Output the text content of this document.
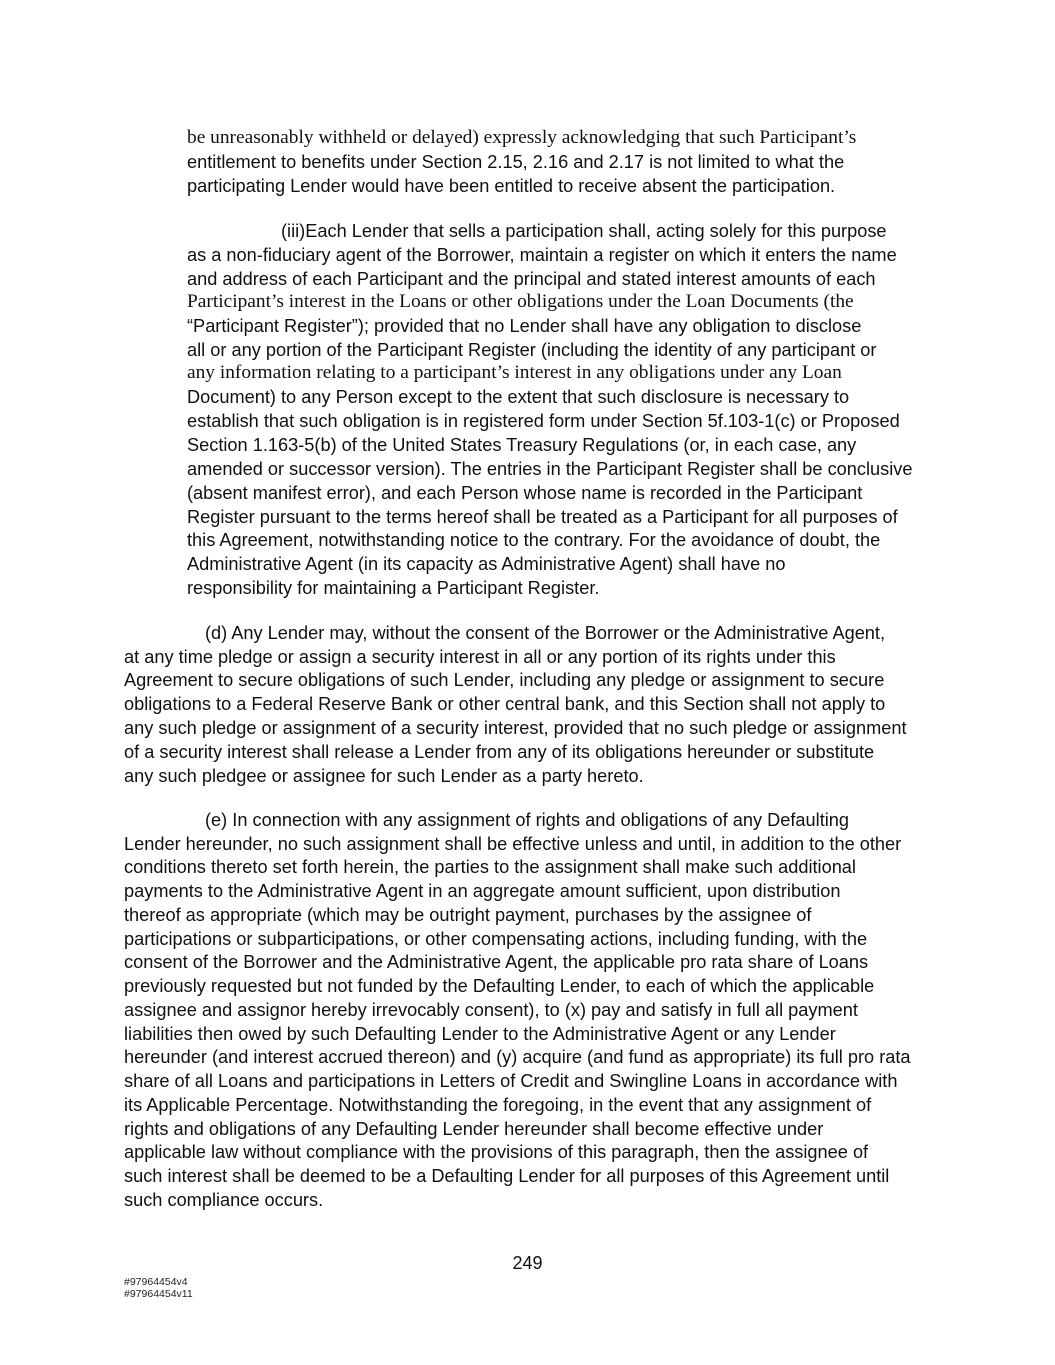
be unreasonably withheld or delayed) expressly acknowledging that such Participant’s
entitlement to benefits under Section 2.15, 2.16 and 2.17 is not limited to what the
participating Lender would have been entitled to receive absent the participation.
(iii)Each Lender that sells a participation shall, acting solely for this purpose
as a non-fiduciary agent of the Borrower, maintain a register on which it enters the name
and address of each Participant and the principal and stated interest amounts of each
Participant’s interest in the Loans or other obligations under the Loan Documents (the
“Participant Register”); provided that no Lender shall have any obligation to disclose
all or any portion of the Participant Register (including the identity of any participant or
any information relating to a participant’s interest in any obligations under any Loan
Document) to any Person except to the extent that such disclosure is necessary to
establish that such obligation is in registered form under Section 5f.103-1(c) or Proposed
Section 1.163-5(b) of the United States Treasury Regulations (or, in each case, any
amended or successor version). The entries in the Participant Register shall be conclusive
(absent manifest error), and each Person whose name is recorded in the Participant
Register pursuant to the terms hereof shall be treated as a Participant for all purposes of
this Agreement, notwithstanding notice to the contrary. For the avoidance of doubt, the
Administrative Agent (in its capacity as Administrative Agent) shall have no
responsibility for maintaining a Participant Register.
(d) Any Lender may, without the consent of the Borrower or the Administrative Agent,
at any time pledge or assign a security interest in all or any portion of its rights under this
Agreement to secure obligations of such Lender, including any pledge or assignment to secure
obligations to a Federal Reserve Bank or other central bank, and this Section shall not apply to
any such pledge or assignment of a security interest, provided that no such pledge or assignment
of a security interest shall release a Lender from any of its obligations hereunder or substitute
any such pledgee or assignee for such Lender as a party hereto.
(e) In connection with any assignment of rights and obligations of any Defaulting
Lender hereunder, no such assignment shall be effective unless and until, in addition to the other
conditions thereto set forth herein, the parties to the assignment shall make such additional
payments to the Administrative Agent in an aggregate amount sufficient, upon distribution
thereof as appropriate (which may be outright payment, purchases by the assignee of
participations or subparticipations, or other compensating actions, including funding, with the
consent of the Borrower and the Administrative Agent, the applicable pro rata share of Loans
previously requested but not funded by the Defaulting Lender, to each of which the applicable
assignee and assignor hereby irrevocably consent), to (x) pay and satisfy in full all payment
liabilities then owed by such Defaulting Lender to the Administrative Agent or any Lender
hereunder (and interest accrued thereon) and (y) acquire (and fund as appropriate) its full pro rata
share of all Loans and participations in Letters of Credit and Swingline Loans in accordance with
its Applicable Percentage. Notwithstanding the foregoing, in the event that any assignment of
rights and obligations of any Defaulting Lender hereunder shall become effective under
applicable law without compliance with the provisions of this paragraph, then the assignee of
such interest shall be deemed to be a Defaulting Lender for all purposes of this Agreement until
such compliance occurs.
249
#97964454v4
#97964454v11
